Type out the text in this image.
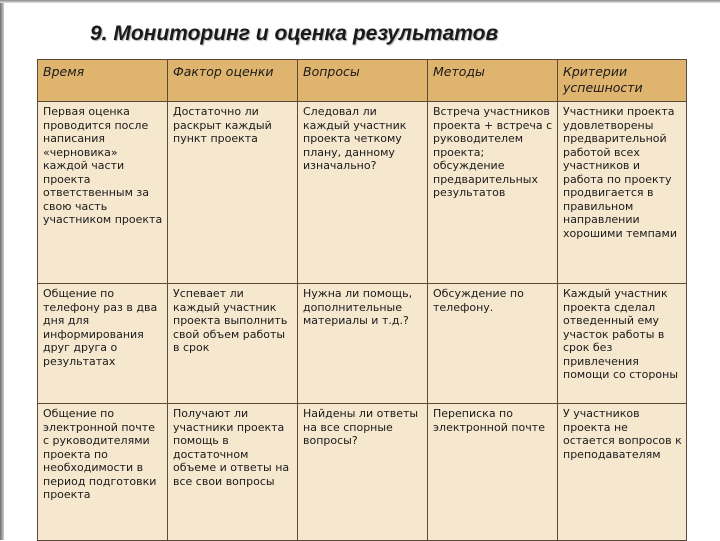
9. Мониторинг и оценка результатов
Время	Фактор оценки	Вопросы	Методы	Критерии успешности
Первая оценка проводится после написания «черновика» каждой части проекта ответственным за свою часть участником проекта	Достаточно ли раскрыт каждый пункт проекта	Следовал ли каждый участник проекта четкому плану, данному изначально?	Встреча участников проекта + встреча с руководителем проекта; обсуждение предварительных результатов	Участники проекта удовлетворены предварительной работой всех участников и работа по проекту продвигается в правильном направлении хорошими темпами
Общение по телефону раз в два дня для информирования друг друга о результатах	Успевает ли каждый участник проекта выполнить свой объем работы в срок	Нужна ли помощь, дополнительные материалы и т.д.?	Обсуждение по телефону.	Каждый участник проекта сделал отведенный ему участок работы в срок без привлечения помощи со стороны
Общение по электронной почте с руководителями проекта по необходимости в период подготовки проекта	Получают ли участники проекта помощь в достаточном объеме и ответы на все свои вопросы	Найдены ли ответы на все спорные вопросы?	Переписка по электронной почте	У участников проекта не остается вопросов к преподавателям
